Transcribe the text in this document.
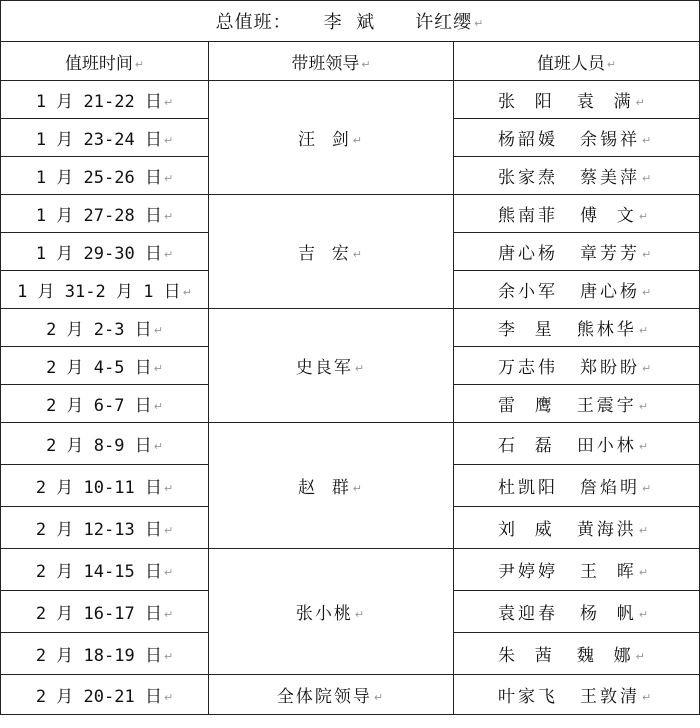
总值班： 李  斌 许红缨 ↵		
值班时间 ↵	带班领导 ↵	值班人员 ↵
1 月 21-22 日 ↵	汪  剑 ↵	张  阳 袁  满 ↵
1 月 23-24 日 ↵		杨韶媛 余锡祥 ↵
1 月 25-26 日 ↵		张家焘 蔡美萍 ↵
1 月 27-28 日 ↵	吉  宏 ↵	熊南菲 傅  文 ↵
1 月 29-30 日 ↵		唐心杨 章芳芳 ↵
1 月 31-2 月 1 日 ↵		余小军 唐心杨 ↵
2 月 2-3 日 ↵	史良军 ↵	李  星 熊林华 ↵
2 月 4-5 日 ↵		万志伟 郑盼盼 ↵
2 月 6-7 日 ↵		雷  鹰 王震宇 ↵
2 月 8-9 日 ↵	赵  群 ↵	石  磊 田小林 ↵
2 月 10-11 日 ↵		杜凯阳 詹焰明 ↵
2 月 12-13 日 ↵		刘  威 黄海洪 ↵
2 月 14-15 日 ↵	张小桃 ↵	尹婷婷 王  晖 ↵
2 月 16-17 日 ↵		袁迎春 杨  帆 ↵
2 月 18-19 日 ↵		朱  茜 魏  娜 ↵
2 月 20-21 日 ↵	全体院领导 ↵	叶家飞 王敦清 ↵
